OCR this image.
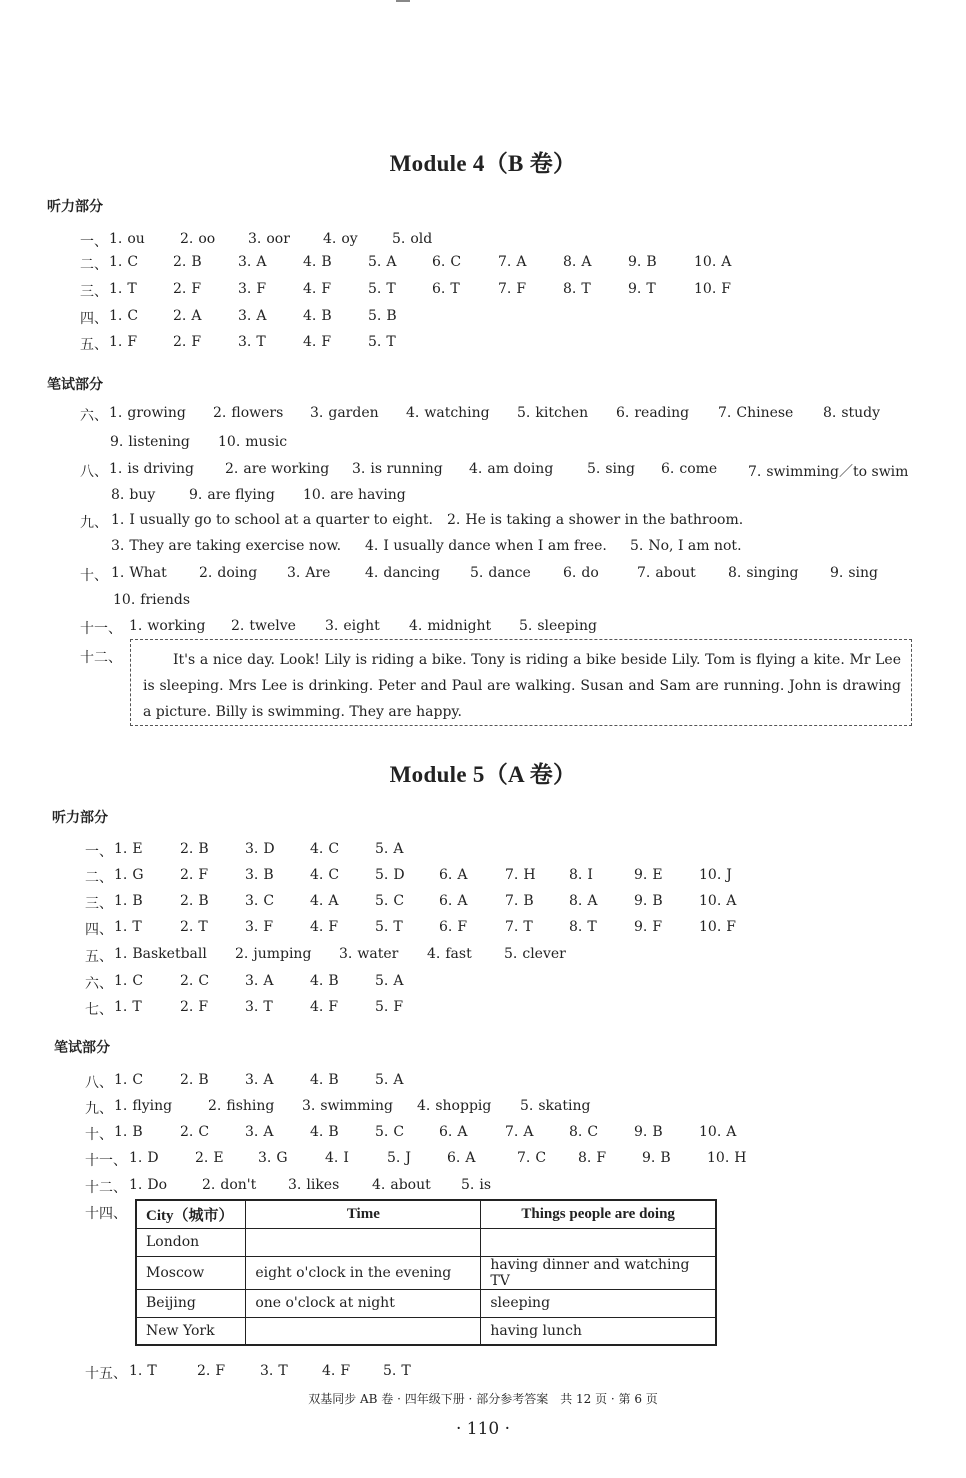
Module 4（B 卷）
听力部分
笔试部分
一、 1. ou	2. oo 3. oor 4. oy 5. old
二、 1. C 2. B	3. A	4. B	5. A	6. C	7. A	8. A	9. B	10. A
三、 1. T	2. F	3. F	4. F	5. T	6. T	7. F	8. T	9. T	10. F
四、 1. C 2. A	3. A	4. B	5. B
五、 1. F	2. F	3. T	4. F	5. T
六、 1. growing 2. flowers 3. garden 4. watching 5. kitchen 6. reading 7. Chinese 8. study
9. listening 10. music
八、 1. is driving 2. are working 3. is running 4. am doing 5. sing 6. come 7. swimming／to swim
8. buy 9. are flying 10. are having
九、 1. I usually go to school at a quarter to eight. 2. He is taking a shower in the bathroom.
3. They are taking exercise now. 4. I usually dance when I am free. 5. No, I am not.
十、 1. What 2. doing 3. Are 4. dancing 5. dance 6. do	7. about 8. singing 9. sing
10. friends
十一、 1. working 2. twelve 3. eight 4. midnight 5. sleeping
十二、	It's a nice day. Look! Lily is riding a bike. Tony is riding a bike beside Lily. Tom is flying a kite. Mr Lee is sleeping. Mrs Lee is drinking. Peter and Paul are walking. Susan and Sam are running. John is drawing a picture. Billy is swimming. They are happy.
Module 5（A 卷）
听力部分
笔试部分
一、 1. E	2. B	3. D	4. C	5. A
二、 1. G	2. F	3. B	4. C	5. D 6. A	7. H 8. I	9. E	10. J
三、 1. B	2. B	3. C	4. A	5. C 6. A	7. B	8. A	9. B	10. A
四、 1. T	2. T	3. F	4. F	5. T	6. F	7. T	8. T	9. F	10. F
五、 1. Basketball 2. jumping 3. water 4. fast 5. clever
六、 1. C	2. C	3. A	4. B	5. A
七、 1. T	2. F	3. T	4. F	5. F
八、 1. C	2. B	3. A	4. B	5. A
九、 1. flying	2. fishing 3. swimming 4. shoppig 5. skating
十、 1. B	2. C	3. A	4. B	5. C 6. A	7. A	8. C	9. B	10. A
十一、 1. D	2. E 3. G	4. I	5. J	6. A	7. C 8. F	9. B	10. H
十二、 1. Do 2. don't 3. likes 4. about 5. is
十五、 1. T	2. F 3. T 4. F 5. T
十四、 City（城市）	Time	Things people are doing
London		
Moscow	eight o'clock in the evening	having dinner and watching TV
Beijing	one o'clock at night	sleeping
New York		having lunch
双基同步 AB 卷 · 四年级下册 · 部分参考答案　共 12 页 · 第 6 页
· 110 ·
